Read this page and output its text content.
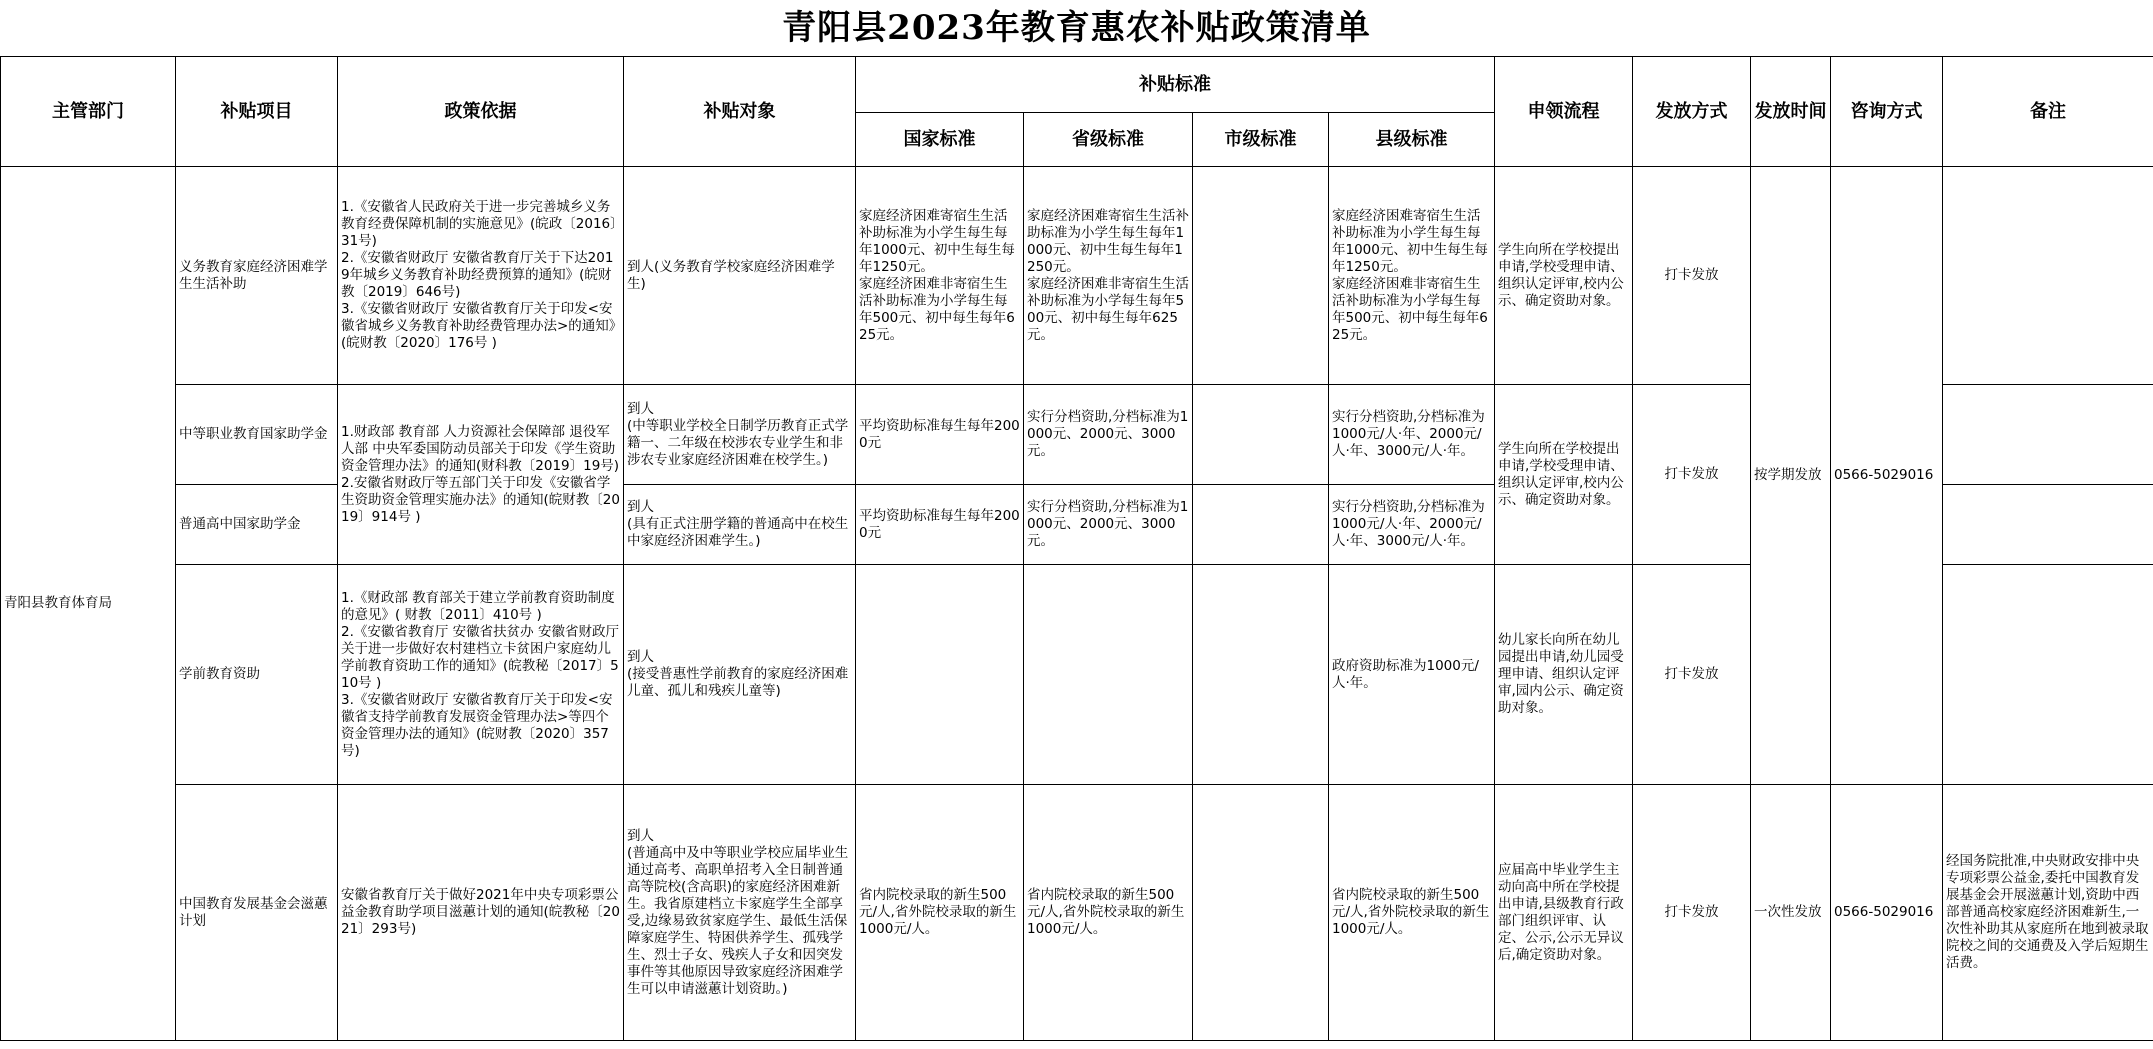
青阳县2023年教育惠农补贴政策清单
主管部门	补贴项目	政策依据	补贴对象	补贴标准				申领流程	发放方式	发放时间	咨询方式	备注
				国家标准	省级标准	市级标准	县级标准					
青阳县教育体育局	义务教育家庭经济困难学生生活补助	1.《安徽省人民政府关于进一步完善城乡义务教育经费保障机制的实施意见》(皖政〔2016〕31号)
2.《安徽省财政厅 安徽省教育厅关于下达2019年城乡义务教育补助经费预算的通知》(皖财教〔2019〕646号)
3.《安徽省财政厅 安徽省教育厅关于印发<安徽省城乡义务教育补助经费管理办法>的通知》(皖财教〔2020〕176号 )	到人(义务教育学校家庭经济困难学生)	家庭经济困难寄宿生生活补助标准为小学生每生每年1000元、初中生每生每年1250元。
家庭经济困难非寄宿生生活补助标准为小学每生每年500元、初中每生每年625元。	家庭经济困难寄宿生生活补助标准为小学生每生每年1000元、初中生每生每年1250元。
家庭经济困难非寄宿生生活补助标准为小学每生每年500元、初中每生每年625元。		家庭经济困难寄宿生生活补助标准为小学生每生每年1000元、初中生每生每年1250元。
家庭经济困难非寄宿生生活补助标准为小学每生每年500元、初中每生每年625元。	学生向所在学校提出申请,学校受理申请、组织认定评审,校内公示、确定资助对象。	打卡发放	按学期发放	0566-5029016	
	中等职业教育国家助学金	1.财政部 教育部 人力资源社会保障部 退役军人部 中央军委国防动员部关于印发《学生资助资金管理办法》的通知(财科教〔2019〕19号)
2.安徽省财政厅等五部门关于印发《安徽省学生资助资金管理实施办法》的通知(皖财教〔2019〕914号 )	到人
(中等职业学校全日制学历教育正式学籍一、二年级在校涉农专业学生和非涉农专业家庭经济困难在校学生。)	平均资助标准每生每年2000元	实行分档资助,分档标准为1000元、2000元、3000元。		实行分档资助,分档标准为1000元/人·年、2000元/人·年、3000元/人·年。	学生向所在学校提出申请,学校受理申请、组织认定评审,校内公示、确定资助对象。	打卡发放			
	普通高中国家助学金		到人
(具有正式注册学籍的普通高中在校生中家庭经济困难学生。)	平均资助标准每生每年2000元	实行分档资助,分档标准为1000元、2000元、3000元。		实行分档资助,分档标准为1000元/人·年、2000元/人·年、3000元/人·年。					
	学前教育资助	1.《财政部 教育部关于建立学前教育资助制度的意见》( 财教〔2011〕410号 )
2.《安徽省教育厅 安徽省扶贫办 安徽省财政厅关于进一步做好农村建档立卡贫困户家庭幼儿学前教育资助工作的通知》(皖教秘〔2017〕510号 )
3.《安徽省财政厅 安徽省教育厅关于印发<安徽省支持学前教育发展资金管理办法>等四个资金管理办法的通知》(皖财教〔2020〕357号)	到人
(接受普惠性学前教育的家庭经济困难儿童、孤儿和残疾儿童等)				政府资助标准为1000元/人·年。	幼儿家长向所在幼儿园提出申请,幼儿园受理申请、组织认定评审,园内公示、确定资助对象。	打卡发放			
	中国教育发展基金会滋蕙计划	安徽省教育厅关于做好2021年中央专项彩票公益金教育助学项目滋蕙计划的通知(皖教秘〔2021〕293号)	到人
(普通高中及中等职业学校应届毕业生通过高考、高职单招考入全日制普通高等院校(含高职)的家庭经济困难新生。我省原建档立卡家庭学生全部享受,边缘易致贫家庭学生、最低生活保障家庭学生、特困供养学生、孤残学生、烈士子女、残疾人子女和因突发事件等其他原因导致家庭经济困难学生可以申请滋蕙计划资助。)	省内院校录取的新生500元/人,省外院校录取的新生1000元/人。	省内院校录取的新生500元/人,省外院校录取的新生1000元/人。		省内院校录取的新生500元/人,省外院校录取的新生1000元/人。	应届高中毕业学生主动向高中所在学校提出申请,县级教育行政部门组织评审、认定、公示,公示无异议后,确定资助对象。	打卡发放	一次性发放	0566-5029016	经国务院批准,中央财政安排中央专项彩票公益金,委托中国教育发展基金会开展滋蕙计划,资助中西部普通高校家庭经济困难新生,一次性补助其从家庭所在地到被录取院校之间的交通费及入学后短期生活费。
